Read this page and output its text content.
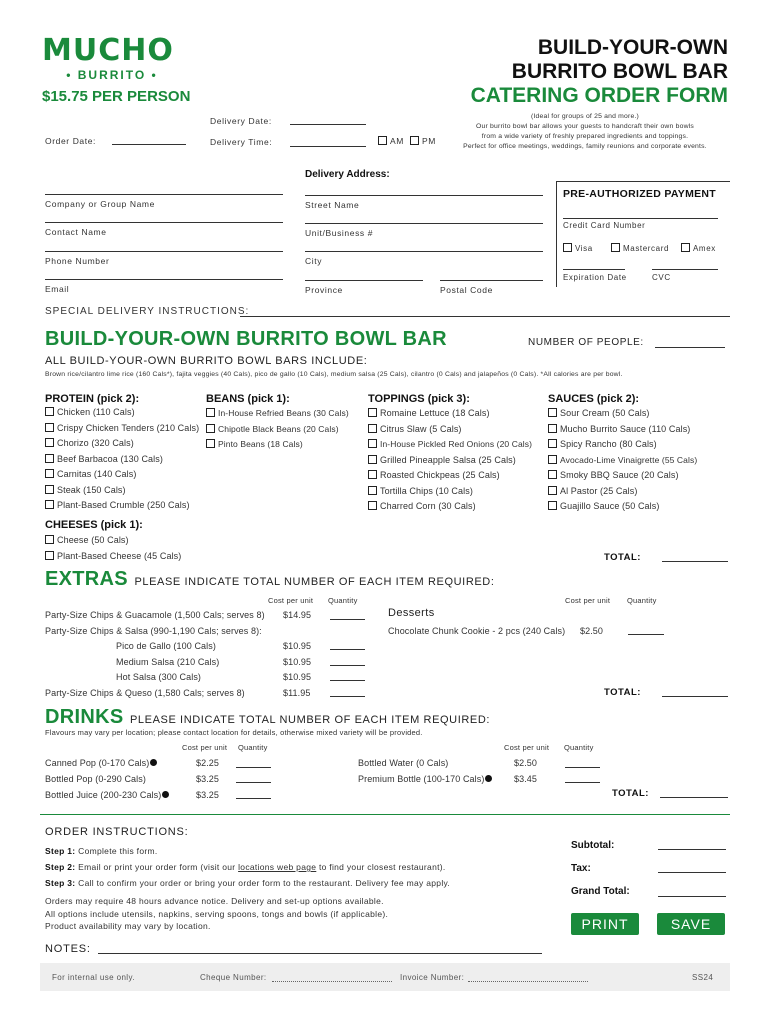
MUCHO
• BURRITO •
$15.75 PER PERSON
BUILD-YOUR-OWN
BURRITO BOWL BAR
CATERING ORDER FORM
(Ideal for groups of 25 and more.)
Our burrito bowl bar allows your guests to handcraft their own bowls
from a wide variety of freshly prepared ingredients and toppings.
Perfect for office meetings, weddings, family reunions and corporate events.
Order Date:
Delivery Date:
Delivery Time:	AM	PM
Delivery Address:
Company or Group Name
Contact Name
Phone Number
Email
Street Name
Unit/Business #
City
Province	Postal Code
PRE-AUTHORIZED PAYMENT
Credit Card Number
Visa	Mastercard	Amex
Expiration Date	CVC
SPECIAL DELIVERY INSTRUCTIONS:
BUILD-YOUR-OWN BURRITO BOWL BAR	NUMBER OF PEOPLE:
ALL BUILD-YOUR-OWN BURRITO BOWL BARS INCLUDE:
Brown rice/cilantro lime rice (160 Cals*), fajita veggies (40 Cals), pico de gallo (10 Cals), medium salsa (25 Cals), cilantro (0 Cals) and jalapeños (0 Cals). *All calories are per bowl.
PROTEIN (pick 2):
Chicken (110 Cals)
Crispy Chicken Tenders (210 Cals)
Chorizo (320 Cals)
Beef Barbacoa (130 Cals)
Carnitas (140 Cals)
Steak (150 Cals)
Plant-Based Crumble (250 Cals)
BEANS (pick 1):
In-House Refried Beans (30 Cals)
Chipotle Black Beans (20 Cals)
Pinto Beans (18 Cals)
TOPPINGS (pick 3):
Romaine Lettuce (18 Cals)
Citrus Slaw (5 Cals)
In-House Pickled Red Onions (20 Cals)
Grilled Pineapple Salsa (25 Cals)
Roasted Chickpeas (25 Cals)
Tortilla Chips (10 Cals)
Charred Corn (30 Cals)
SAUCES (pick 2):
Sour Cream (50 Cals)
Mucho Burrito Sauce (110 Cals)
Spicy Rancho (80 Cals)
Avocado-Lime Vinaigrette (55 Cals)
Smoky BBQ Sauce (20 Cals)
Al Pastor (25 Cals)
Guajillo Sauce (50 Cals)
CHEESES (pick 1):
Cheese (50 Cals)
Plant-Based Cheese (45 Cals)	TOTAL:
EXTRAS PLEASE INDICATE TOTAL NUMBER OF EACH ITEM REQUIRED:
Cost per unit Quantity	Cost per unit Quantity
Party-Size Chips & Guacamole (1,500 Cals; serves 8) $14.95
Party-Size Chips & Salsa (990-1,190 Cals; serves 8):
Pico de Gallo (100 Cals)	$10.95
Medium Salsa (210 Cals)	$10.95
Hot Salsa (300 Cals)	$10.95
Party-Size Chips & Queso (1,580 Cals; serves 8)	$11.95
Desserts
Chocolate Chunk Cookie - 2 pcs (240 Cals) $2.50
TOTAL:
DRINKS PLEASE INDICATE TOTAL NUMBER OF EACH ITEM REQUIRED:
Flavours may vary per location; please contact location for details, otherwise mixed variety will be provided.
Cost per unit Quantity	Cost per unit Quantity
Canned Pop (0-170 Cals)	$2.25
Bottled Pop (0-290 Cals)	$3.25
Bottled Juice (200-230 Cals)	$3.25
Bottled Water (0 Cals)	$2.50
Premium Bottle (100-170 Cals)	$3.45
TOTAL:
ORDER INSTRUCTIONS:
Step 1: Complete this form.
Step 2: Email or print your order form (visit our locations web page to find your closest restaurant).
Step 3: Call to confirm your order or bring your order form to the restaurant. Delivery fee may apply.
Orders may require 48 hours advance notice. Delivery and set-up options available.
All options include utensils, napkins, serving spoons, tongs and bowls (if applicable).
Product availability may vary by location.
Subtotal:
Tax:
Grand Total:
PRINT	SAVE
NOTES:
For internal use only.	Cheque Number:	Invoice Number:	SS24
